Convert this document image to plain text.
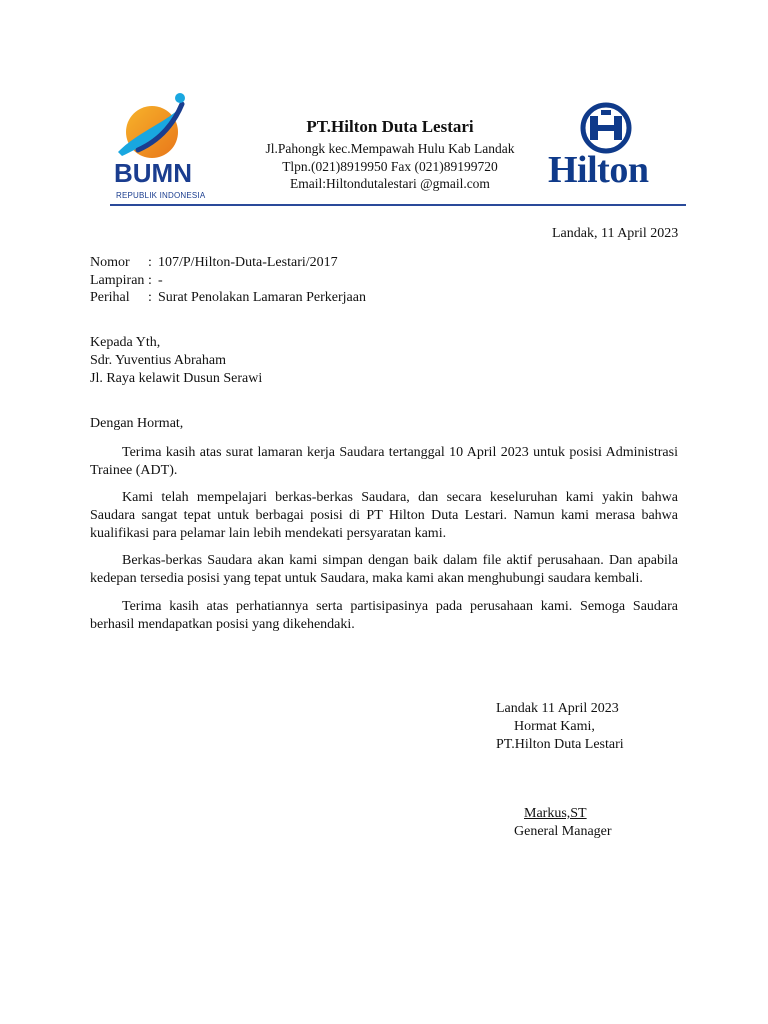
BUMN
REPUBLIK INDONESIA
PT.Hilton Duta Lestari
Jl.Pahongk kec.Mempawah Hulu Kab Landak
Tlpn.(021)8919950 Fax (021)89199720
Email:Hiltondutalestari @gmail.com	Hilton
Landak, 11 April 2023
Nomor	: 107/P/Hilton-Duta-Lestari/2017
Lampiran : -
Perihal	: Surat Penolakan Lamaran Perkerjaan
Kepada Yth,
Sdr. Yuventius Abraham
Jl. Raya kelawit Dusun Serawi
Dengan Hormat,
Terima kasih atas surat lamaran kerja Saudara tertanggal 10 April 2023 untuk posisi Administrasi Trainee (ADT).
Kami telah mempelajari berkas-berkas Saudara, dan secara keseluruhan kami yakin bahwa Saudara sangat tepat untuk berbagai posisi di PT Hilton Duta Lestari. Namun kami merasa bahwa kualifikasi para pelamar lain lebih mendekati persyaratan kami.
Berkas-berkas Saudara akan kami simpan dengan baik dalam file aktif perusahaan. Dan apabila kedepan tersedia posisi yang tepat untuk Saudara, maka kami akan menghubungi saudara kembali.
Terima kasih atas perhatiannya serta partisipasinya pada perusahaan kami. Semoga Saudara berhasil mendapatkan posisi yang dikehendaki.
Landak 11 April 2023
Hormat Kami,
PT.Hilton Duta Lestari
Markus,ST
General Manager
